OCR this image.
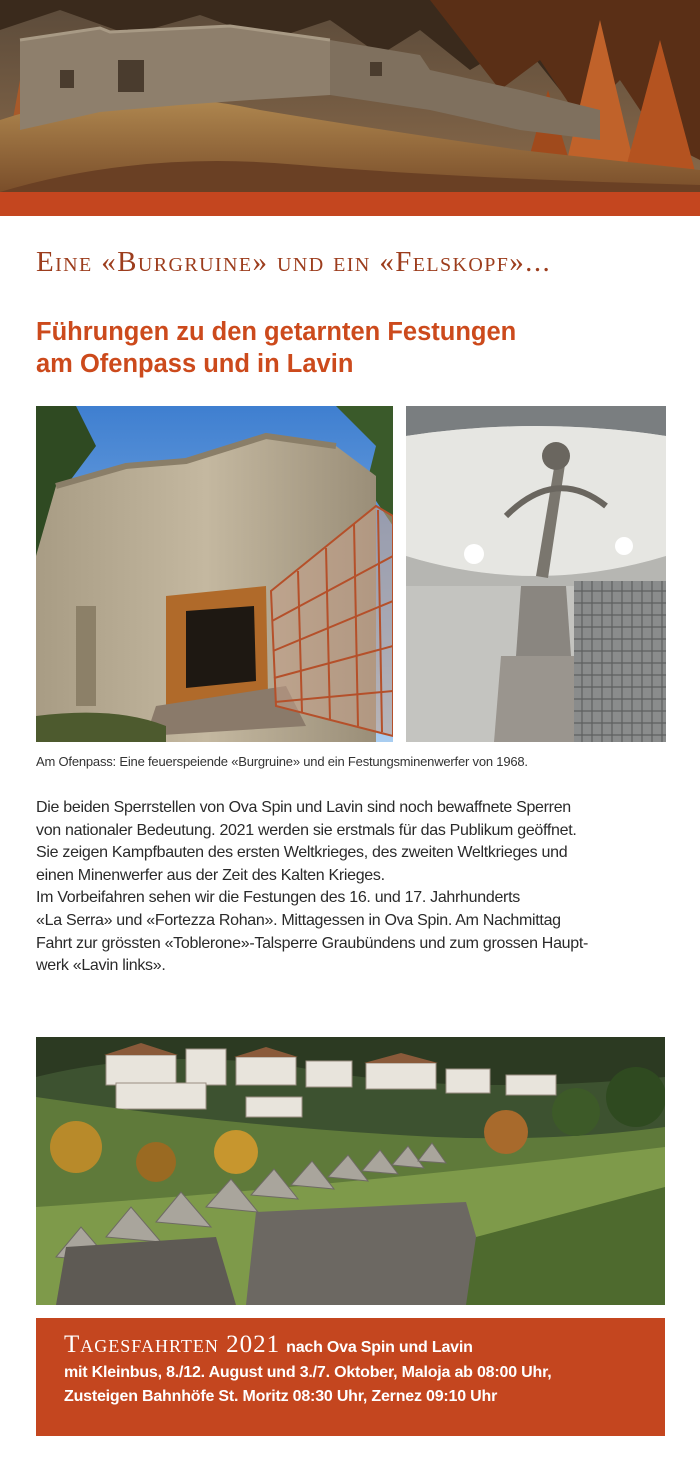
Eine «Burgruine» und ein «Felskopf»...
Führungen zu den getarnten Festungen
am Ofenpass und in Lavin
Am Ofenpass: Eine feuerspeiende «Burgruine» und ein Festungsminenwerfer von 1968.
Die beiden Sperrstellen von Ova Spin und Lavin sind noch bewaffnete Sperren
von nationaler Bedeutung. 2021 werden sie erstmals für das Publikum geöffnet.
Sie zeigen Kampfbauten des ersten Weltkrieges, des zweiten Weltkrieges und
einen Minenwerfer aus der Zeit des Kalten Krieges.
Im Vorbeifahren sehen wir die Festungen des 16. und 17. Jahrhunderts
«La Serra» und «Fortezza Rohan». Mittagessen in Ova Spin. Am Nachmittag
Fahrt zur grössten «Toblerone»-Talsperre Graubündens und zum grossen Haupt-
werk «Lavin links».
Tagesfahrten 2021 nach Ova Spin und Lavin
mit Kleinbus, 8./12. August und 3./7. Oktober, Maloja ab 08:00 Uhr,
Zusteigen Bahnhöfe St. Moritz 08:30 Uhr, Zernez 09:10 Uhr
